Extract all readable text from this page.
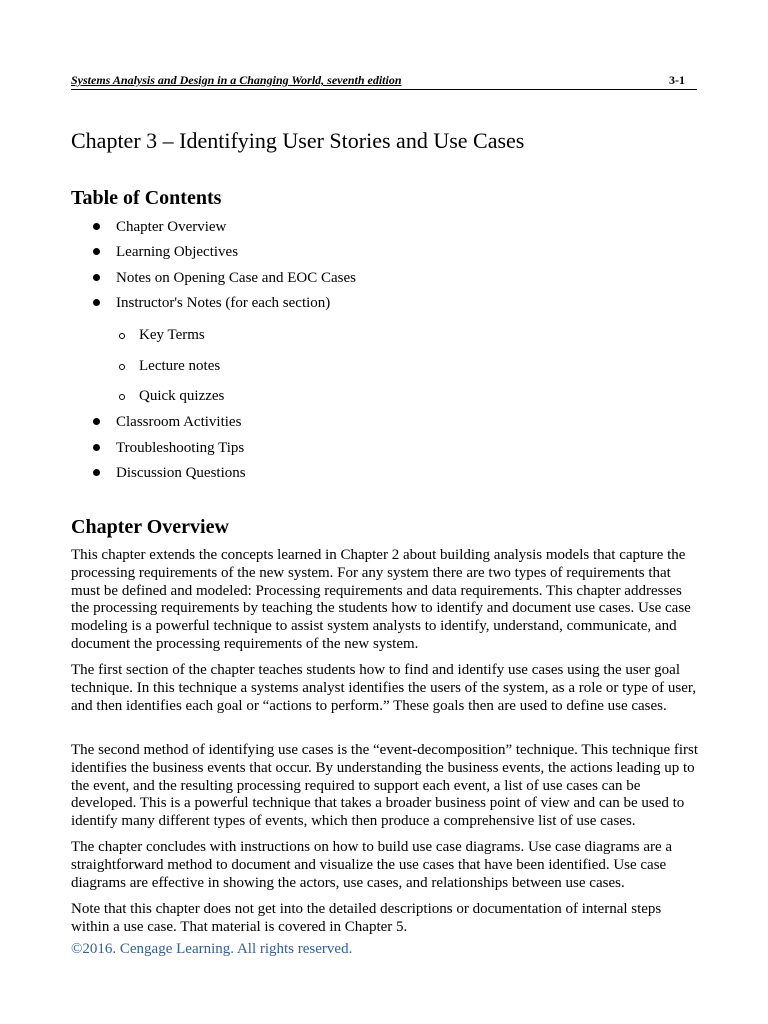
Systems Analysis and Design in a Changing World, seventh edition	3-1
Chapter 3 – Identifying User Stories and Use Cases
Table of Contents
Chapter Overview
Learning Objectives
Notes on Opening Case and EOC Cases
Instructor's Notes (for each section)
Key Terms
Lecture notes
Quick quizzes
Classroom Activities
Troubleshooting Tips
Discussion Questions
Chapter Overview

This chapter extends the concepts learned in Chapter 2 about building analysis models that capture the processing requirements of the new system. For any system there are two types of requirements that must be defined and modeled: Processing requirements and data requirements. This chapter addresses the processing requirements by teaching the students how to identify and document use cases. Use case modeling is a powerful technique to assist system analysts to identify, understand, communicate, and document the processing requirements of the new system.

The first section of the chapter teaches students how to find and identify use cases using the user goal technique. In this technique a systems analyst identifies the users of the system, as a role or type of user, and then identifies each goal or “actions to perform.” These goals then are used to define use cases.

The second method of identifying use cases is the “event-decomposition” technique. This technique first identifies the business events that occur. By understanding the business events, the actions leading up to the event, and the resulting processing required to support each event, a list of use cases can be developed. This is a powerful technique that takes a broader business point of view and can be used to identify many different types of events, which then produce a comprehensive list of use cases.

The chapter concludes with instructions on how to build use case diagrams. Use case diagrams are a straightforward method to document and visualize the use cases that have been identified. Use case diagrams are effective in showing the actors, use cases, and relationships between use cases.

Note that this chapter does not get into the detailed descriptions or documentation of internal steps within a use case. That material is covered in Chapter 5.

©2016. Cengage Learning. All rights reserved.
